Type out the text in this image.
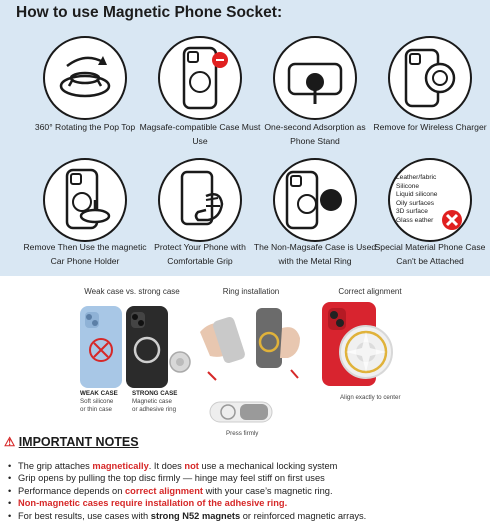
How to use Magnetic Phone Socket:
360° Rotating the Pop Top Magsafe-compatible Case Must Use
One-second Adsorption as Phone Stand
Remove for Wireless Charger
Remove Then Use the magnetic Car Phone Holder
Protect Your Phone with Comfortable Grip
The Non-Magsafe Case is Used with the Metal Ring
Leather/fabric
Silicone
Liquid silicone
Oily surfaces
3D surface
Glass eather
Special Material Phone Case Can't be Attached
Weak case vs. strong case
WEAK CASE
Soft silicone
or thin case
STRONG CASE
Magnetic case
or adhesive ring
Ring installation
Press firmly
Correct alignment
Align exactly to center
⚠ IMPORTANT NOTES
• The grip attaches magnetically. It does not use a mechanical locking system
• Grip opens by pulling the top disc firmly — hinge may feel stiff on first uses
• Performance depends on correct alignment with your case’s magnetic ring.
• Non-magnetic cases require installation of the adhesive ring.
• For best results, use cases with strong N52 magnets or reinforced magnetic arrays.
